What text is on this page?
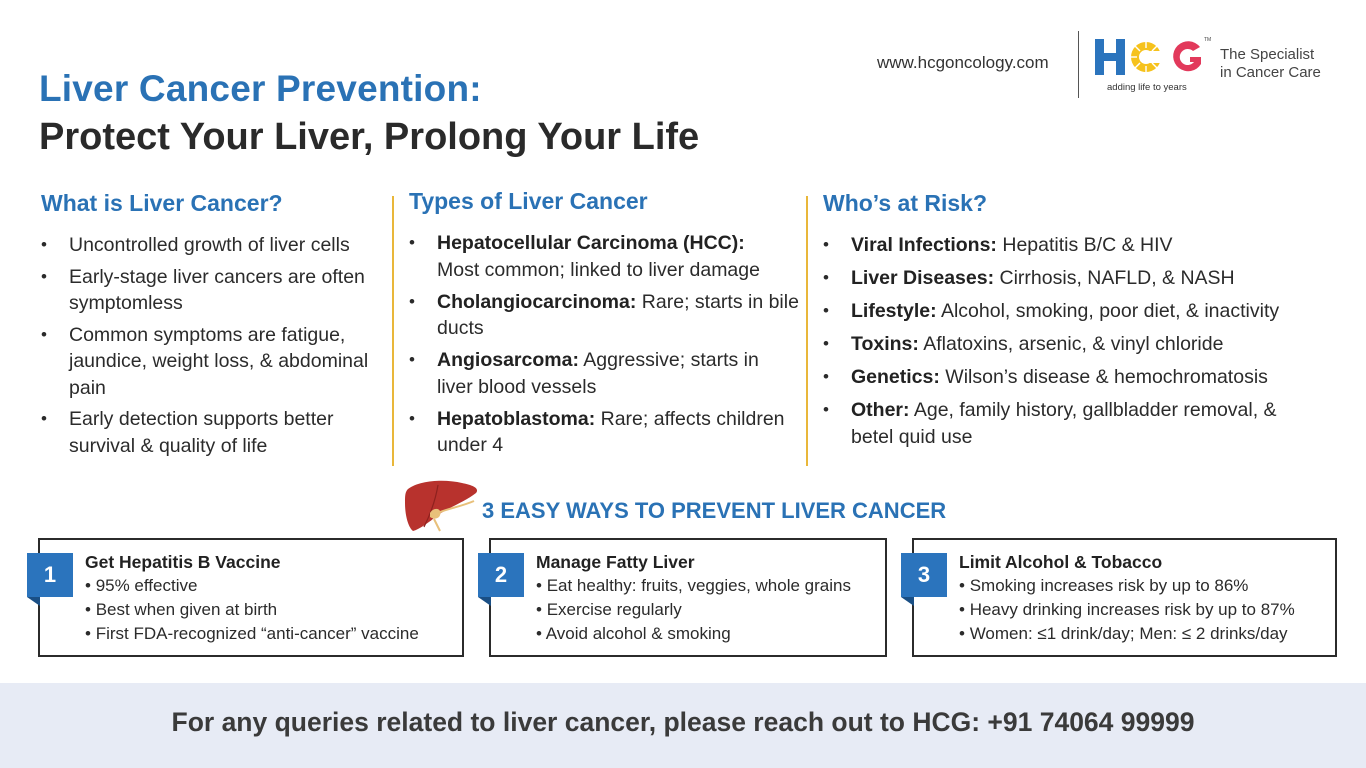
Liver Cancer Prevention:
Protect Your Liver, Prolong Your Life
www.hcgoncology.com
TM
adding life to years
The Specialist
in Cancer Care
What is Liver Cancer?
• Uncontrolled growth of liver cells
• Early-stage liver cancers are often symptomless
• Common symptoms are fatigue, jaundice, weight loss, & abdominal pain
• Early detection supports better survival & quality of life
Types of Liver Cancer
• Hepatocellular Carcinoma (HCC):
Most common; linked to liver damage
• Cholangiocarcinoma: Rare; starts in bile ducts
• Angiosarcoma: Aggressive; starts in liver blood vessels
• Hepatoblastoma: Rare; affects children under 4
Who’s at Risk?
• Viral Infections: Hepatitis B/C & HIV
• Liver Diseases: Cirrhosis, NAFLD, & NASH
• Lifestyle: Alcohol, smoking, poor diet, & inactivity
• Toxins: Aflatoxins, arsenic, & vinyl chloride
• Genetics: Wilson’s disease & hemochromatosis
• Other: Age, family history, gallbladder removal, & betel quid use
3 EASY WAYS TO PREVENT LIVER CANCER
1	Get Hepatitis B Vaccine
• 95% effective
• Best when given at birth
• First FDA-recognized “anti-cancer” vaccine
2	Manage Fatty Liver
• Eat healthy: fruits, veggies, whole grains
• Exercise regularly
• Avoid alcohol & smoking
3	Limit Alcohol & Tobacco
• Smoking increases risk by up to 86%
• Heavy drinking increases risk by up to 87%
• Women: ≤1 drink/day; Men: ≤ 2 drinks/day
For any queries related to liver cancer, please reach out to HCG: +91 74064 99999
